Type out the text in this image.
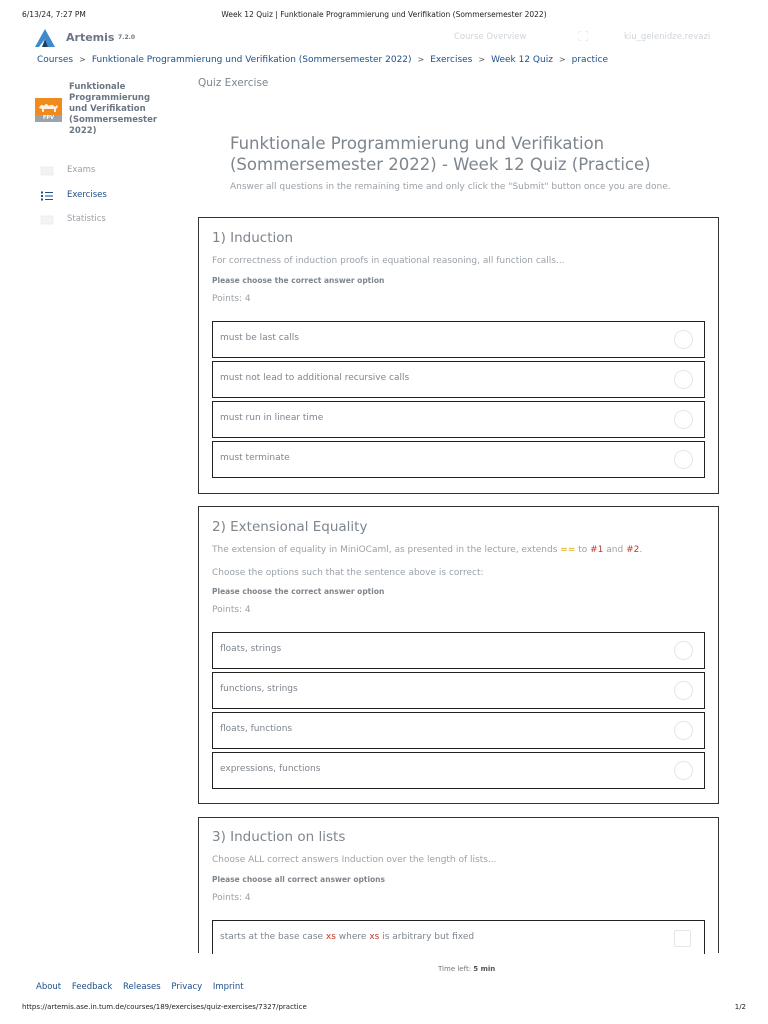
6/13/24, 7:27 PM	Week 12 Quiz | Funktionale Programmierung und Verifikation (Sommersemester 2022)
Artemis 7.2.0	Course Overview	kiu_gelenidze.revazi
Courses > Funktionale Programmierung und Verifikation (Sommersemester 2022) > Exercises > Week 12 Quiz > practice
FPV
Funktionale Programmierung und Verifikation (Sommersemester 2022)
Exams
Exercises
Statistics
Quiz Exercise
Funktionale Programmierung und Verifikation (Sommersemester 2022) - Week 12 Quiz (Practice)
Answer all questions in the remaining time and only click the "Submit" button once you are done.
1) Induction
For correctness of induction proofs in equational reasoning, all function calls...
Please choose the correct answer option
Points: 4
must be last calls
must not lead to additional recursive calls
must run in linear time
must terminate
2) Extensional Equality
The extension of equality in MiniOCaml, as presented in the lecture, extends == to #1 and #2.
Choose the options such that the sentence above is correct:
Please choose the correct answer option
Points: 4
floats, strings
functions, strings
floats, functions
expressions, functions
3) Induction on lists
Choose ALL correct answers Induction over the length of lists...
Please choose all correct answer options
Points: 4
starts at the base case xs where xs is arbitrary but fixed
Time left: 5 min
About Feedback Releases Privacy Imprint
https://artemis.ase.in.tum.de/courses/189/exercises/quiz-exercises/7327/practice	1/2
